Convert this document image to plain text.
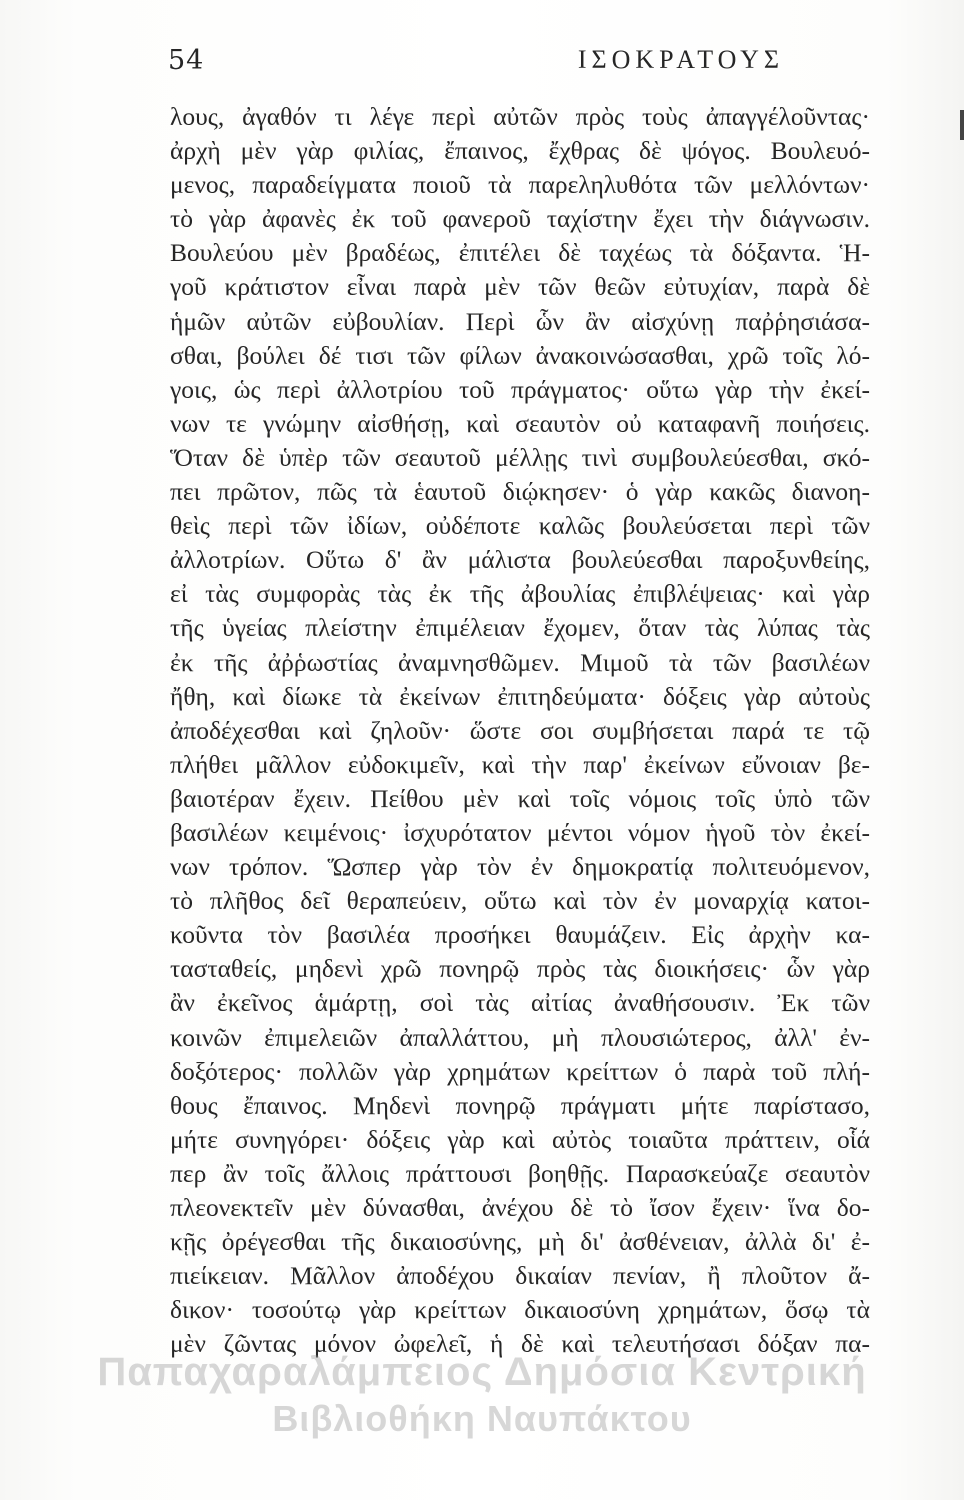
54	ΙΣΟΚΡΑΤΟΥΣ
λους, ἀγαθόν τι λέγε περὶ αὐτῶν πρὸς τοὺς ἀπαγγέλοῦντας·
ἀρχὴ μὲν γὰρ φιλίας, ἔπαινος, ἔχθρας δὲ ψόγος. Βουλευό-
μενος, παραδείγματα ποιοῦ τὰ παρεληλυθότα τῶν μελλόντων·
τὸ γὰρ ἀφανὲς ἐκ τοῦ φανεροῦ ταχίστην ἔχει τὴν διάγνωσιν.
Βουλεύου μὲν βραδέως, ἐπιτέλει δὲ ταχέως τὰ δόξαντα. Ἡ-
γοῦ κράτιστον εἶναι παρὰ μὲν τῶν θεῶν εὐτυχίαν, παρὰ δὲ
ἡμῶν αὐτῶν εὐβουλίαν. Περὶ ὧν ἂν αἰσχύνῃ παῤῥησιάσα-
σθαι, βούλει δέ τισι τῶν φίλων ἀνακοινώσασθαι, χρῶ τοῖς λό-
γοις, ὡς περὶ ἀλλοτρίου τοῦ πράγματος· οὕτω γὰρ τὴν ἐκεί-
νων τε γνώμην αἰσθήσῃ, καὶ σεαυτὸν οὐ καταφανῆ ποιήσεις.
Ὅταν δὲ ὑπὲρ τῶν σεαυτοῦ μέλλῃς τινὶ συμβουλεύεσθαι, σκό-
πει πρῶτον, πῶς τὰ ἑαυτοῦ διῴκησεν· ὁ γὰρ κακῶς διανοη-
θεὶς περὶ τῶν ἰδίων, οὐδέποτε καλῶς βουλεύσεται περὶ τῶν
ἀλλοτρίων. Οὕτω δ' ἂν μάλιστα βουλεύεσθαι παροξυνθείης,
εἰ τὰς συμφορὰς τὰς ἐκ τῆς ἀβουλίας ἐπιβλέψειας· καὶ γὰρ
τῆς ὑγείας πλείστην ἐπιμέλειαν ἔχομεν, ὅταν τὰς λύπας τὰς
ἐκ τῆς ἀῤῥωστίας ἀναμνησθῶμεν. Μιμοῦ τὰ τῶν βασιλέων
ἤθη, καὶ δίωκε τὰ ἐκείνων ἐπιτηδεύματα· δόξεις γὰρ αὐτοὺς
ἀποδέχεσθαι καὶ ζηλοῦν· ὥστε σοι συμβήσεται παρά τε τῷ
πλήθει μᾶλλον εὐδοκιμεῖν, καὶ τὴν παρ' ἐκείνων εὔνοιαν βε-
βαιοτέραν ἔχειν. Πείθου μὲν καὶ τοῖς νόμοις τοῖς ὑπὸ τῶν
βασιλέων κειμένοις· ἰσχυρότατον μέντοι νόμον ἡγοῦ τὸν ἐκεί-
νων τρόπον. Ὥσπερ γὰρ τὸν ἐν δημοκρατίᾳ πολιτευόμενον,
τὸ πλῆθος δεῖ θεραπεύειν, οὕτω καὶ τὸν ἐν μοναρχίᾳ κατοι-
κοῦντα τὸν βασιλέα προσήκει θαυμάζειν. Εἰς ἀρχὴν κα-
τασταθείς, μηδενὶ χρῶ πονηρῷ πρὸς τὰς διοικήσεις· ὧν γὰρ
ἂν ἐκεῖνος ἁμάρτῃ, σοὶ τὰς αἰτίας ἀναθήσουσιν. Ἐκ τῶν
κοινῶν ἐπιμελειῶν ἀπαλλάττου, μὴ πλουσιώτερος, ἀλλ' ἐν-
δοξότερος· πολλῶν γὰρ χρημάτων κρείττων ὁ παρὰ τοῦ πλή-
θους ἔπαινος. Μηδενὶ πονηρῷ πράγματι μήτε παρίστασο,
μήτε συνηγόρει· δόξεις γὰρ καὶ αὐτὸς τοιαῦτα πράττειν, οἷά
περ ἂν τοῖς ἄλλοις πράττουσι βοηθῇς. Παρασκεύαζε σεαυτὸν
πλεονεκτεῖν μὲν δύνασθαι, ἀνέχου δὲ τὸ ἴσον ἔχειν· ἵνα δο-
κῇς ὀρέγεσθαι τῆς δικαιοσύνης, μὴ δι' ἀσθένειαν, ἀλλὰ δι' ἐ-
πιείκειαν. Μᾶλλον ἀποδέχου δικαίαν πενίαν, ἢ πλοῦτον ἄ-
δικον· τοσούτῳ γὰρ κρείττων δικαιοσύνη χρημάτων, ὅσῳ τὰ
μὲν ζῶντας μόνον ὠφελεῖ, ἡ δὲ καὶ τελευτήσασι δόξαν πα-
Παπαχαραλάμπειος Δημόσια Κεντρική
Βιβλιοθήκη Ναυπάκτου
